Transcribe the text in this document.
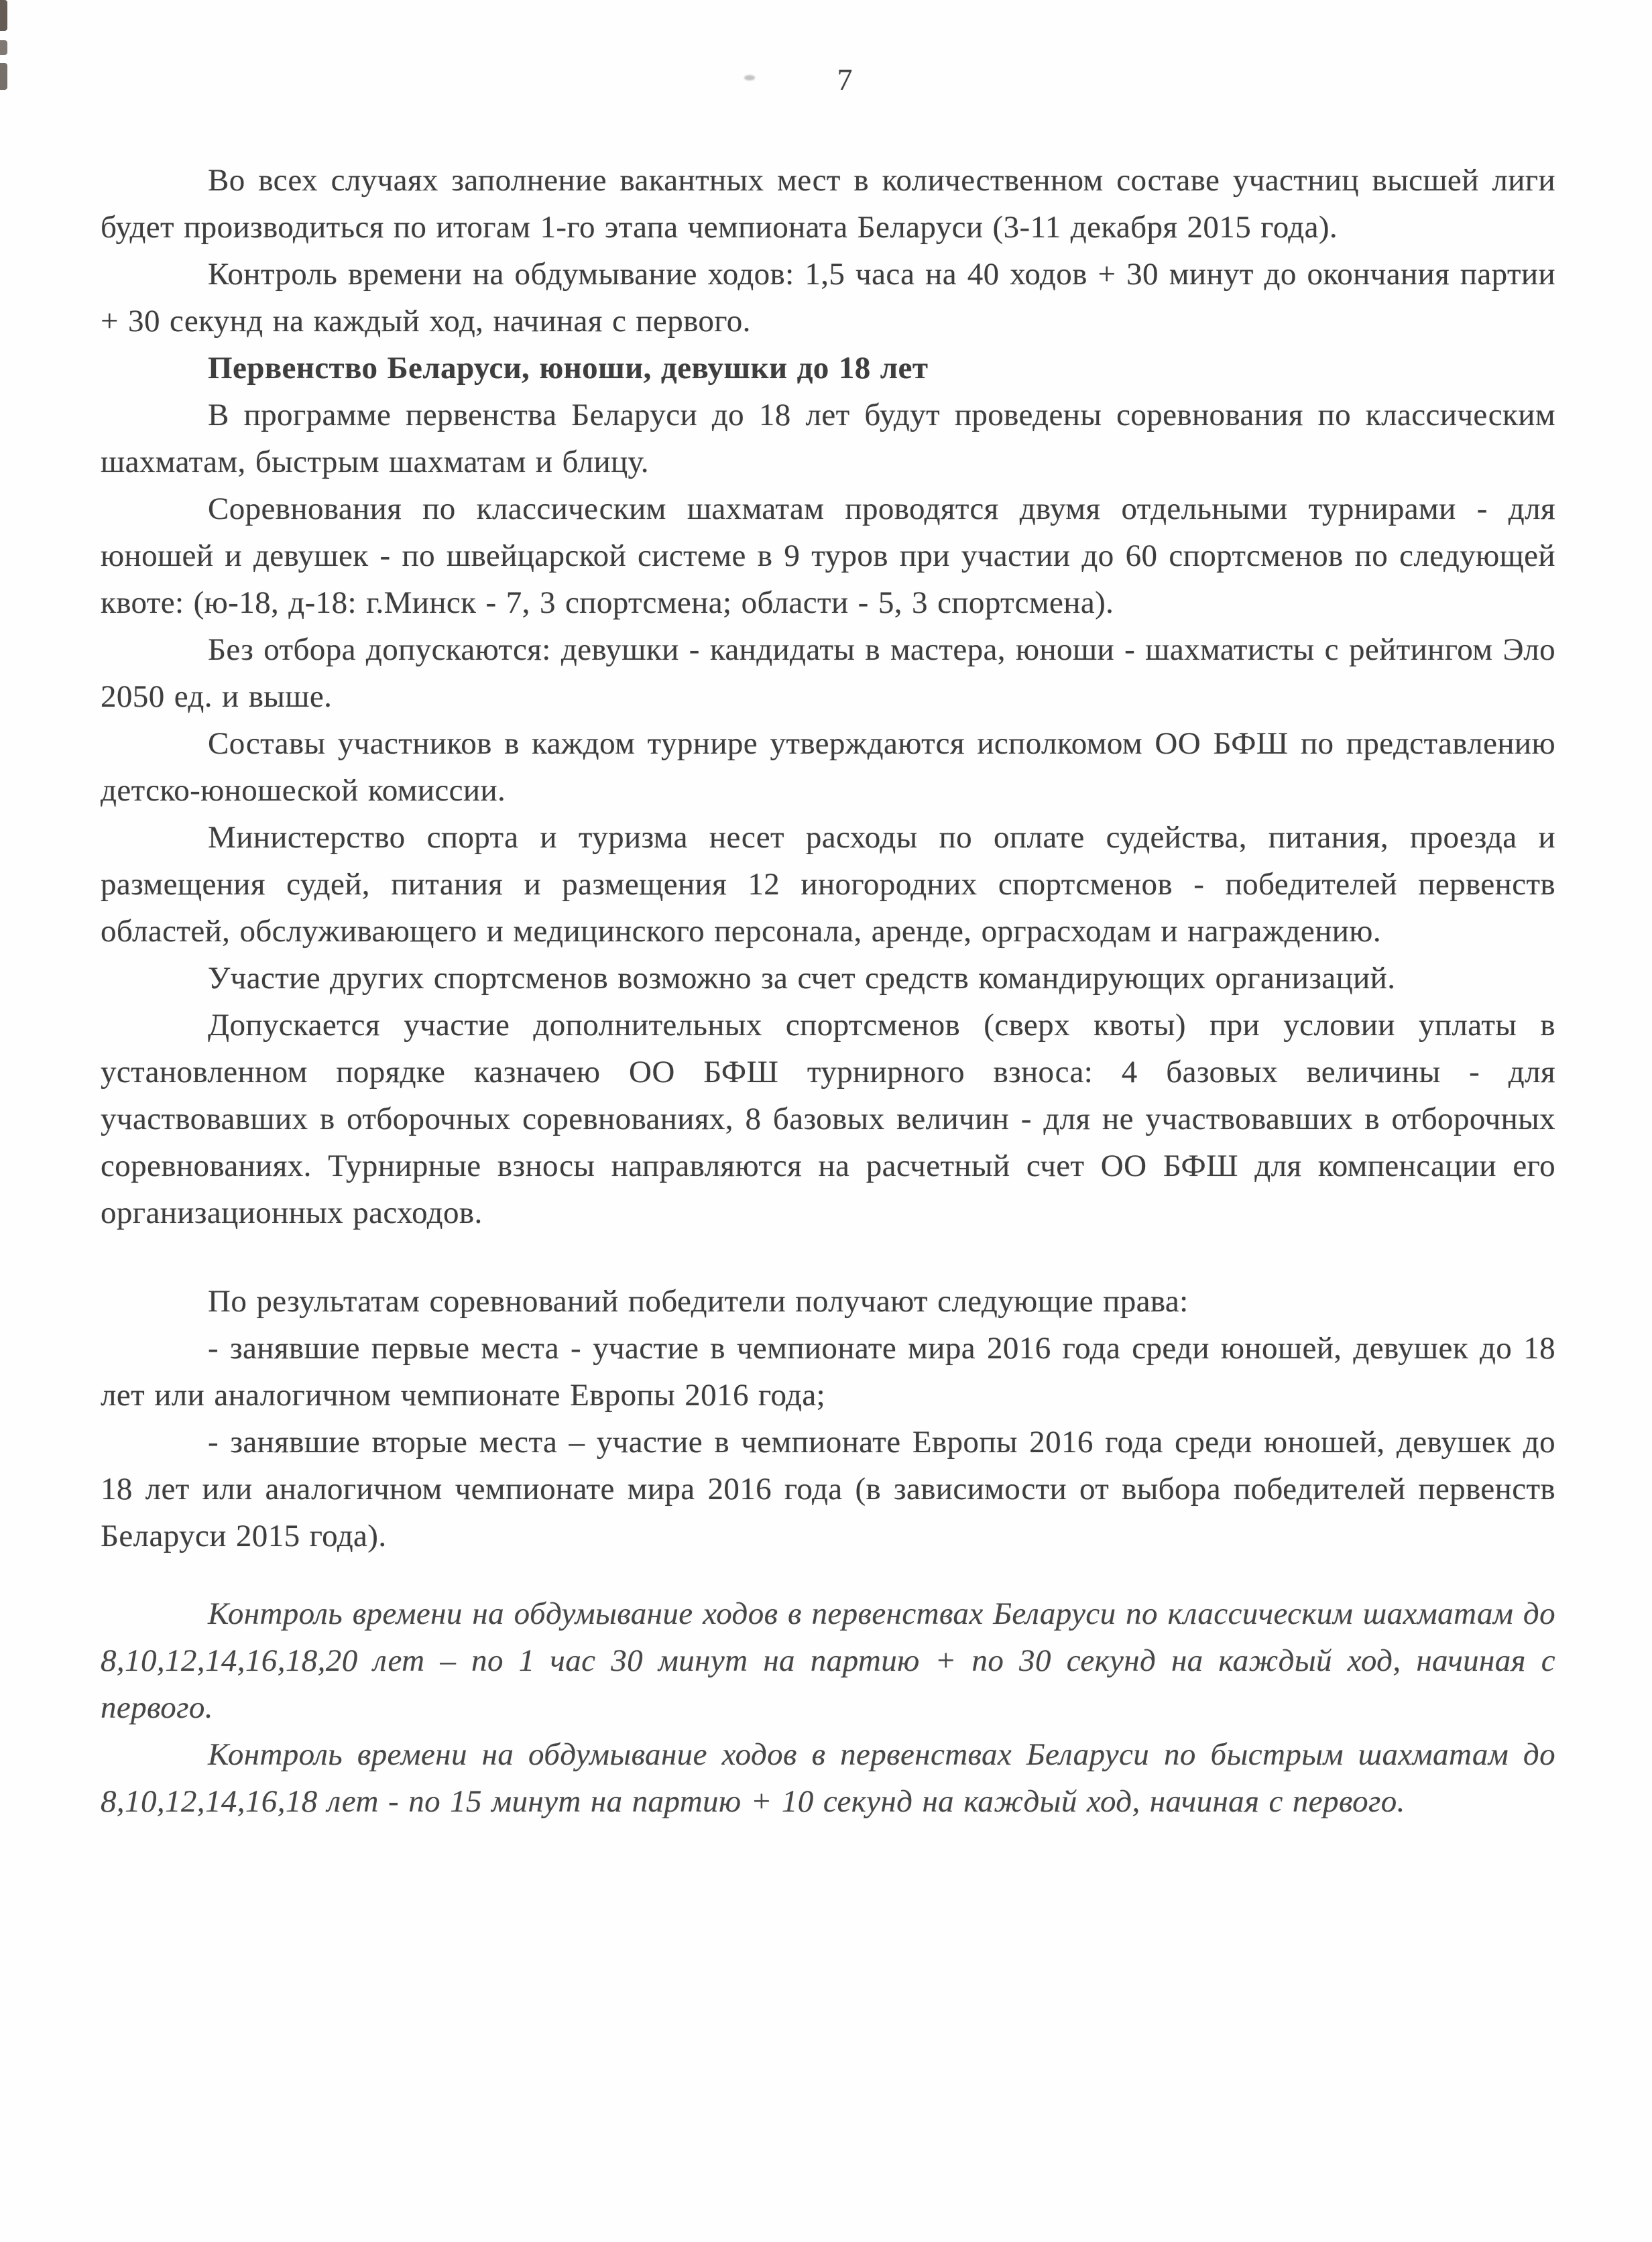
7

Во всех случаях заполнение вакантных мест в количественном составе участниц высшей лиги будет производиться по итогам 1-го этапа чемпионата Беларуси (3-11 декабря 2015 года).

Контроль времени на обдумывание ходов: 1,5 часа на 40 ходов + 30 минут до окончания партии + 30 секунд на каждый ход, начиная с первого.

Первенство Беларуси, юноши, девушки до 18 лет

В программе первенства Беларуси до 18 лет будут проведены соревнования по классическим шахматам, быстрым шахматам и блицу.

Соревнования по классическим шахматам проводятся двумя отдельными турнирами - для юношей и девушек - по швейцарской системе в 9 туров при участии до 60 спортсменов по следующей квоте: (ю-18, д-18: г.Минск - 7, 3 спортсмена; области - 5, 3 спортсмена).

Без отбора допускаются: девушки - кандидаты в мастера, юноши - шахматисты с рейтингом Эло 2050 ед. и выше.

Составы участников в каждом турнире утверждаются исполкомом ОО БФШ по представлению детско-юношеской комиссии.

Министерство спорта и туризма несет расходы по оплате судейства, питания, проезда и размещения судей, питания и размещения 12 иногородних спортсменов - победителей первенств областей, обслуживающего и медицинского персонала, аренде, орграсходам и награждению.

Участие других спортсменов возможно за счет средств командирующих организаций.

Допускается участие дополнительных спортсменов (сверх квоты) при условии уплаты в установленном порядке казначею ОО БФШ турнирного взноса: 4 базовых величины - для участвовавших в отборочных соревнованиях, 8 базовых величин - для не участвовавших в отборочных соревнованиях. Турнирные взносы направляются на расчетный счет ОО БФШ для компенсации его организационных расходов.

По результатам соревнований победители получают следующие права:

- занявшие первые места - участие в чемпионате мира 2016 года среди юношей, девушек до 18 лет или аналогичном чемпионате Европы 2016 года;

- занявшие вторые места – участие в чемпионате Европы 2016 года среди юношей, девушек до 18 лет или аналогичном чемпионате мира 2016 года (в зависимости от выбора победителей первенств Беларуси 2015 года).

Контроль времени на обдумывание ходов в первенствах Беларуси по классическим шахматам до 8,10,12,14,16,18,20 лет – по 1 час 30 минут на партию + по 30 секунд на каждый ход, начиная с первого.

Контроль времени на обдумывание ходов в первенствах Беларуси по быстрым шахматам до 8,10,12,14,16,18 лет - по 15 минут на партию + 10 секунд на каждый ход, начиная с первого.
